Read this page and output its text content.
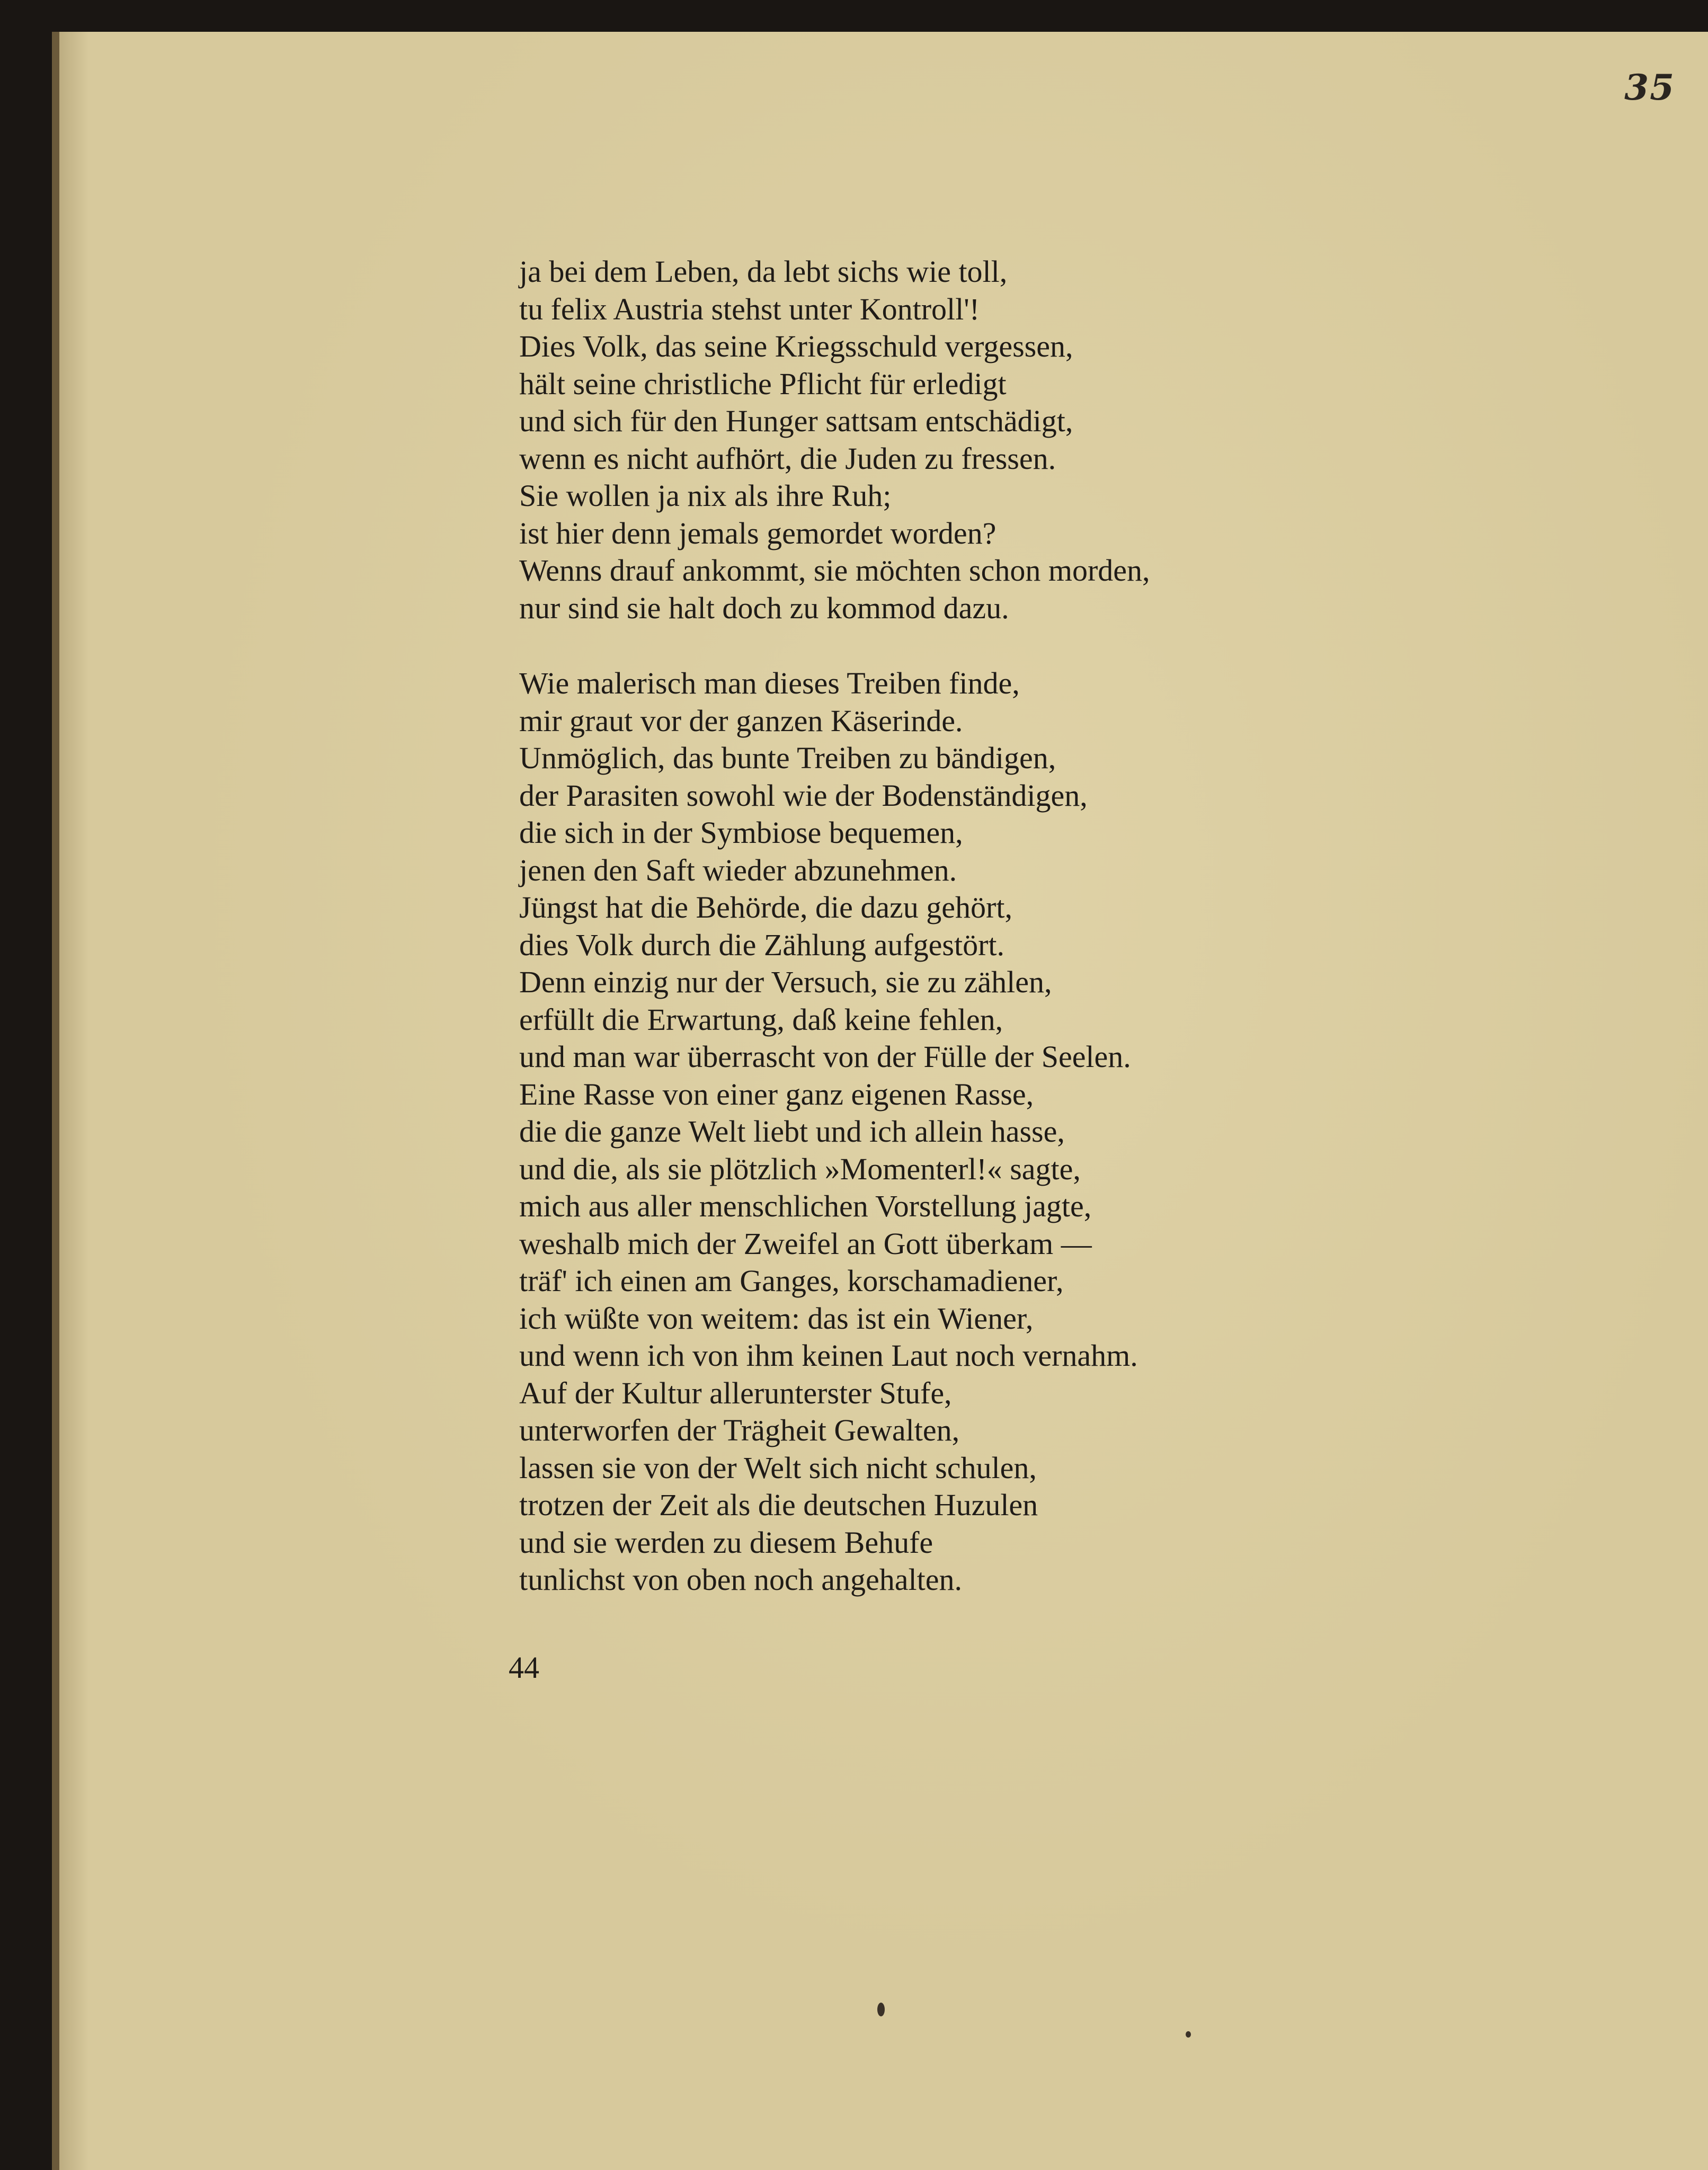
35
ja bei dem Leben, da lebt sichs wie toll,
tu felix Austria stehst unter Kontroll'!
Dies Volk, das seine Kriegsschuld vergessen,
hält seine christliche Pflicht für erledigt
und sich für den Hunger sattsam entschädigt,
wenn es nicht aufhört, die Juden zu fressen.
Sie wollen ja nix als ihre Ruh;
ist hier denn jemals gemordet worden?
Wenns drauf ankommt, sie möchten schon morden,
nur sind sie halt doch zu kommod dazu.
Wie malerisch man dieses Treiben finde,
mir graut vor der ganzen Käserinde.
Unmöglich, das bunte Treiben zu bändigen,
der Parasiten sowohl wie der Bodenständigen,
die sich in der Symbiose bequemen,
jenen den Saft wieder abzunehmen.
Jüngst hat die Behörde, die dazu gehört,
dies Volk durch die Zählung aufgestört.
Denn einzig nur der Versuch, sie zu zählen,
erfüllt die Erwartung, daß keine fehlen,
und man war überrascht von der Fülle der Seelen.
Eine Rasse von einer ganz eigenen Rasse,
die die ganze Welt liebt und ich allein hasse,
und die, als sie plötzlich »Momenterl!« sagte,
mich aus aller menschlichen Vorstellung jagte,
weshalb mich der Zweifel an Gott überkam —
träf' ich einen am Ganges, korschamadiener,
ich wüßte von weitem: das ist ein Wiener,
und wenn ich von ihm keinen Laut noch vernahm.
Auf der Kultur allerunterster Stufe,
unterworfen der Trägheit Gewalten,
lassen sie von der Welt sich nicht schulen,
trotzen der Zeit als die deutschen Huzulen
und sie werden zu diesem Behufe
tunlichst von oben noch angehalten.
44
